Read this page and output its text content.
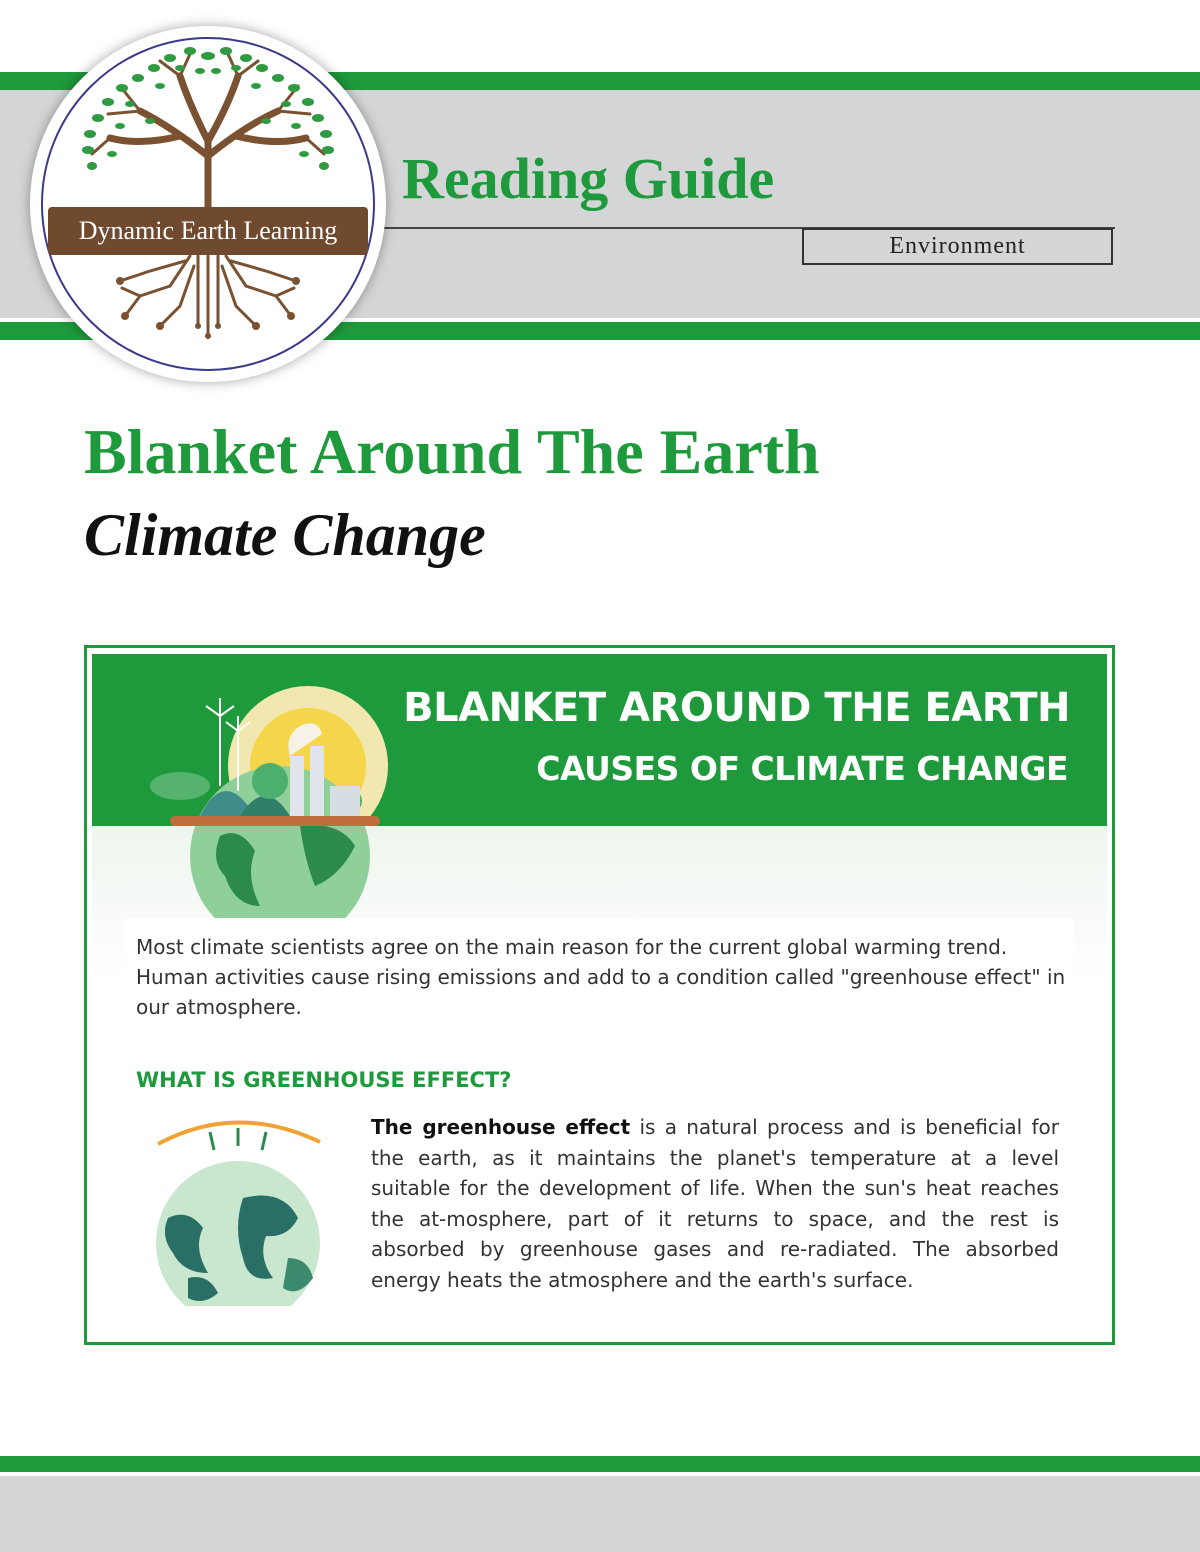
Reading Guide
Environment
Dynamic Earth Learning
Blanket Around The Earth
Climate Change
BLANKET AROUND THE EARTH
CAUSES OF CLIMATE CHANGE

Most climate scientists agree on the main reason for the current global warming trend. Human activities cause rising emissions and add to a condition called "greenhouse effect" in our atmosphere.

WHAT IS GREENHOUSE EFFECT?

The greenhouse effect is a natural process and is beneficial for the earth, as it maintains the planet's temperature at a level suitable for the development of life. When the sun's heat reaches the at-mosphere, part of it returns to space, and the rest is absorbed by greenhouse gases and re-radiated. The absorbed energy heats the atmosphere and the earth's surface.
